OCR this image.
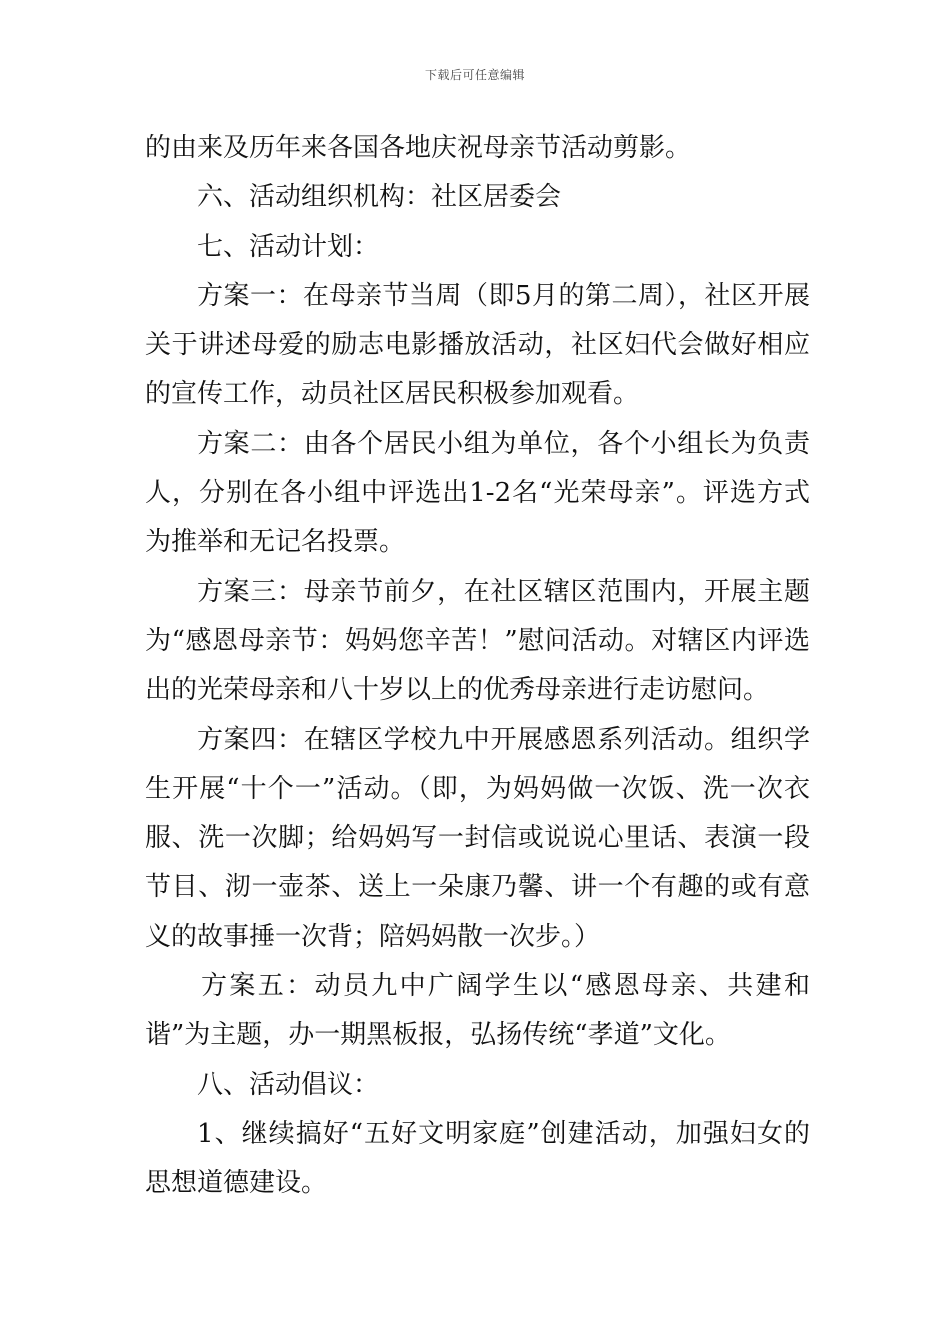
下载后可任意编辑

的由来及历年来各国各地庆祝母亲节活动剪影。

六、活动组织机构：社区居委会

七、活动计划：

方案一：在母亲节当周（即5月的第二周），社区开展关于讲述母爱的励志电影播放活动，社区妇代会做好相应的宣传工作，动员社区居民积极参加观看。

方案二：由各个居民小组为单位，各个小组长为负责人，分别在各小组中评选出1-2名“光荣母亲”。评选方式为推举和无记名投票。

方案三：母亲节前夕，在社区辖区范围内，开展主题为“感恩母亲节：妈妈您辛苦！”慰问活动。对辖区内评选出的光荣母亲和八十岁以上的优秀母亲进行走访慰问。

方案四：在辖区学校九中开展感恩系列活动。组织学生开展“十个一”活动。（即，为妈妈做一次饭、洗一次衣服、洗一次脚；给妈妈写一封信或说说心里话、表演一段节目、沏一壶茶、送上一朵康乃馨、讲一个有趣的或有意义的故事捶一次背；陪妈妈散一次步。）

方案五：动员九中广阔学生以“感恩母亲、共建和谐”为主题，办一期黑板报，弘扬传统“孝道”文化。

八、活动倡议：

1、继续搞好“五好文明家庭”创建活动，加强妇女的思想道德建设。
